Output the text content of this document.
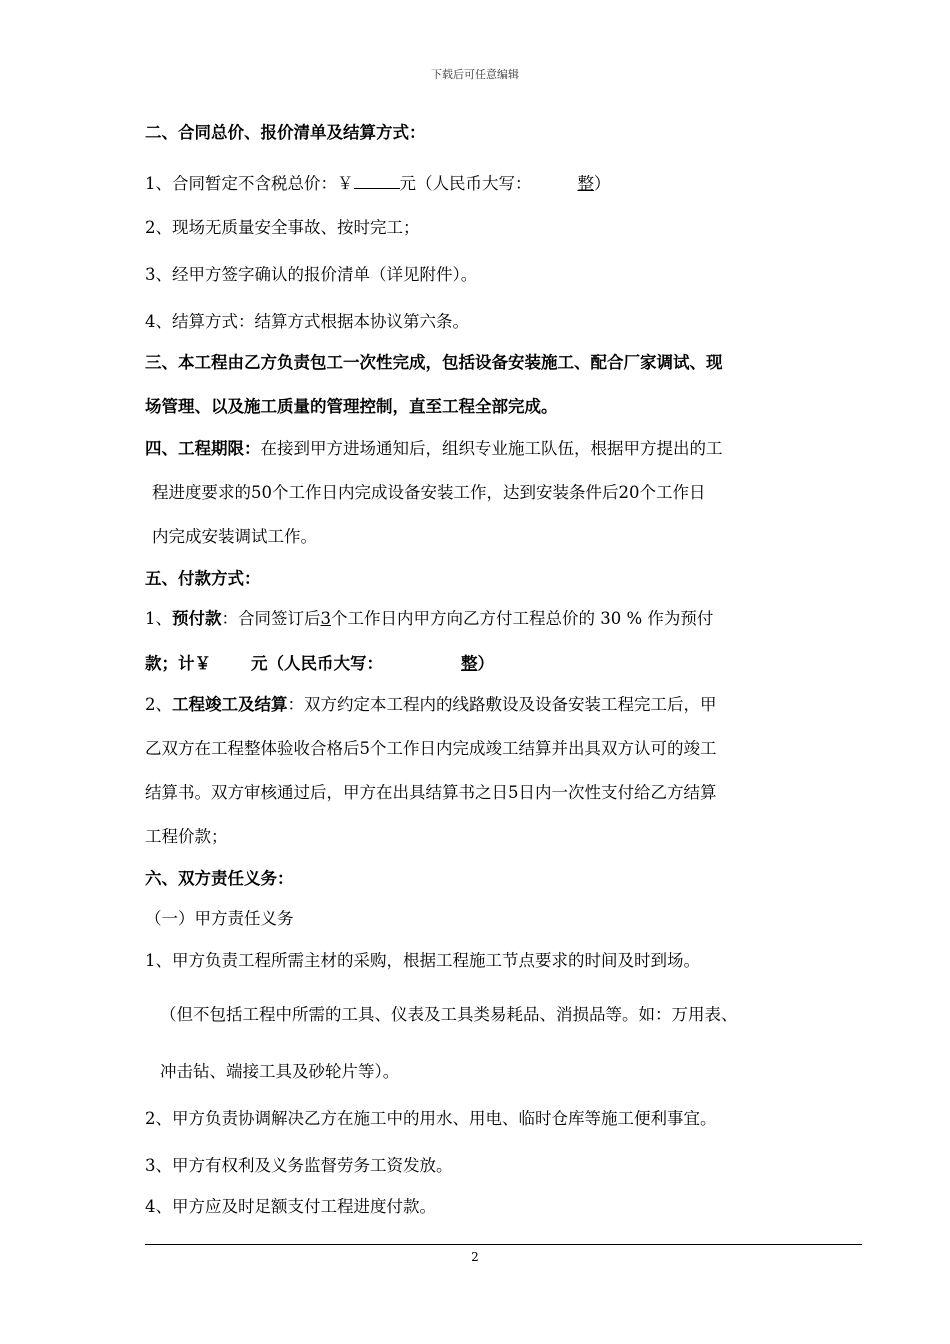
下载后可任意编辑
二、合同总价、报价清单及结算方式：
1、合同暂定不含税总价：￥	元（人民币大写：	整）
2、现场无质量安全事故、按时完工；
3、经甲方签字确认的报价清单（详见附件）。
4、结算方式：结算方式根据本协议第六条。
三、本工程由乙方负责包工一次性完成，包括设备安装施工、配合厂家调试、现
场管理、以及施工质量的管理控制，直至工程全部完成。
四、工程期限：在接到甲方进场通知后，组织专业施工队伍，根据甲方提出的工
程进度要求的50个工作日内完成设备安装工作，达到安装条件后20个工作日
内完成安装调试工作。
五、付款方式：
1、预付款：合同签订后3个工作日内甲方向乙方付工程总价的 30 % 作为预付
款；计￥ 元（人民币大写：	整）
2、工程竣工及结算：双方约定本工程内的线路敷设及设备安装工程完工后，甲
乙双方在工程整体验收合格后5个工作日内完成竣工结算并出具双方认可的竣工
结算书。双方审核通过后，甲方在出具结算书之日5日内一次性支付给乙方结算
工程价款；
六、双方责任义务：
（一）甲方责任义务
1、甲方负责工程所需主材的采购，根据工程施工节点要求的时间及时到场。
（但不包括工程中所需的工具、仪表及工具类易耗品、消损品等。如：万用表、
冲击钻、端接工具及砂轮片等）。
2、甲方负责协调解决乙方在施工中的用水、用电、临时仓库等施工便利事宜。
3、甲方有权利及义务监督劳务工资发放。
4、甲方应及时足额支付工程进度付款。
2
